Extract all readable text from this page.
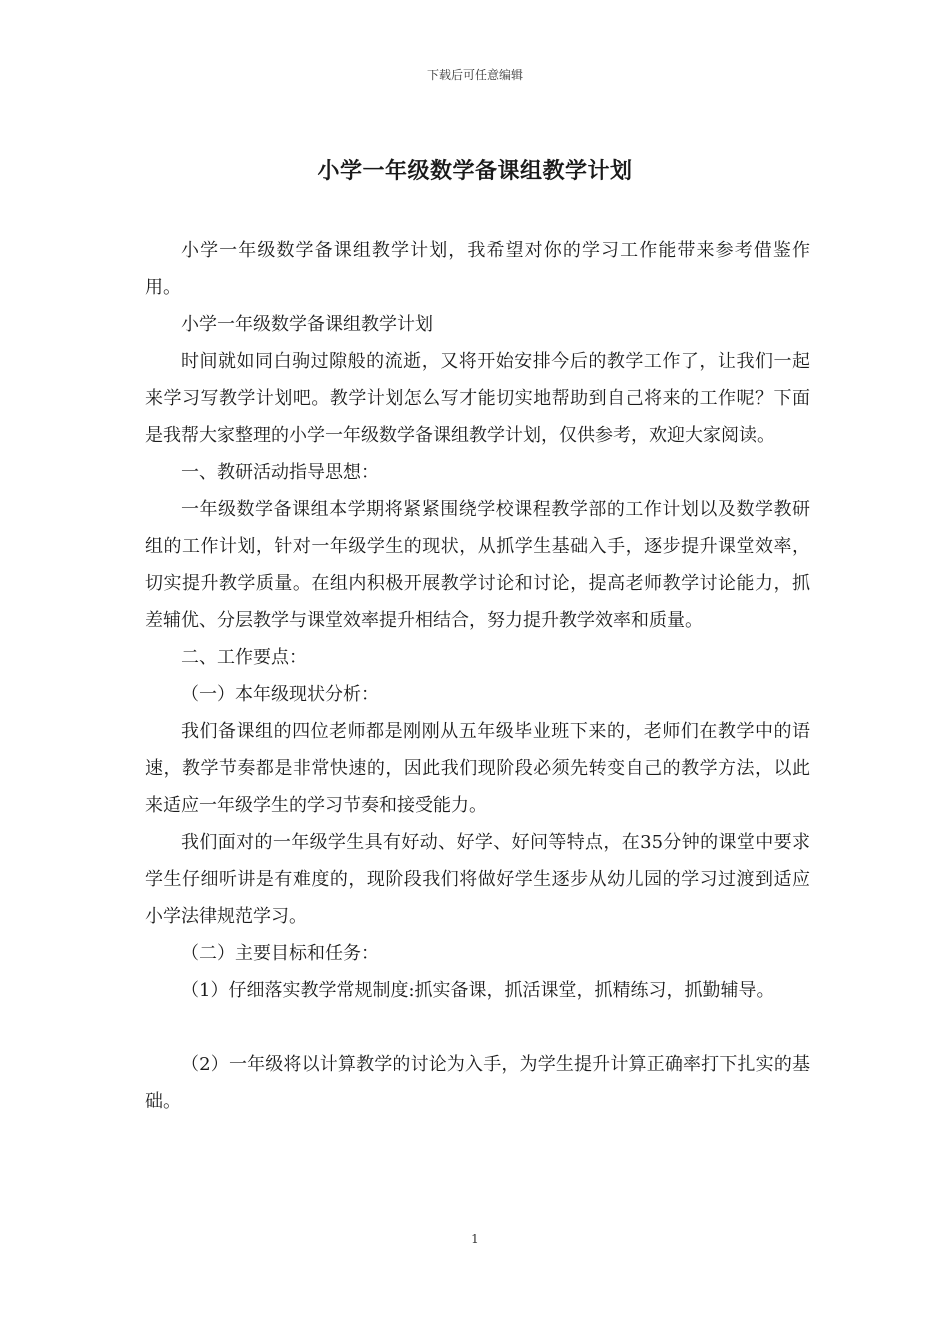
下载后可任意编辑
小学一年级数学备课组教学计划

小学一年级数学备课组教学计划，我希望对你的学习工作能带来参考借鉴作用。

小学一年级数学备课组教学计划

时间就如同白驹过隙般的流逝，又将开始安排今后的教学工作了，让我们一起来学习写教学计划吧。教学计划怎么写才能切实地帮助到自己将来的工作呢？下面是我帮大家整理的小学一年级数学备课组教学计划，仅供参考，欢迎大家阅读。

一、教研活动指导思想：

一年级数学备课组本学期将紧紧围绕学校课程教学部的工作计划以及数学教研组的工作计划，针对一年级学生的现状，从抓学生基础入手，逐步提升课堂效率，切实提升教学质量。在组内积极开展教学讨论和讨论，提高老师教学讨论能力，抓差辅优、分层教学与课堂效率提升相结合，努力提升教学效率和质量。

二、工作要点：

（一）本年级现状分析：

我们备课组的四位老师都是刚刚从五年级毕业班下来的，老师们在教学中的语速，教学节奏都是非常快速的，因此我们现阶段必须先转变自己的教学方法，以此来适应一年级学生的学习节奏和接受能力。

我们面对的一年级学生具有好动、好学、好问等特点，在35分钟的课堂中要求学生仔细听讲是有难度的，现阶段我们将做好学生逐步从幼儿园的学习过渡到适应小学法律规范学习。

（二）主要目标和任务：

（1）仔细落实教学常规制度:抓实备课，抓活课堂，抓精练习，抓勤辅导。

（2）一年级将以计算教学的讨论为入手，为学生提升计算正确率打下扎实的基础。

1
